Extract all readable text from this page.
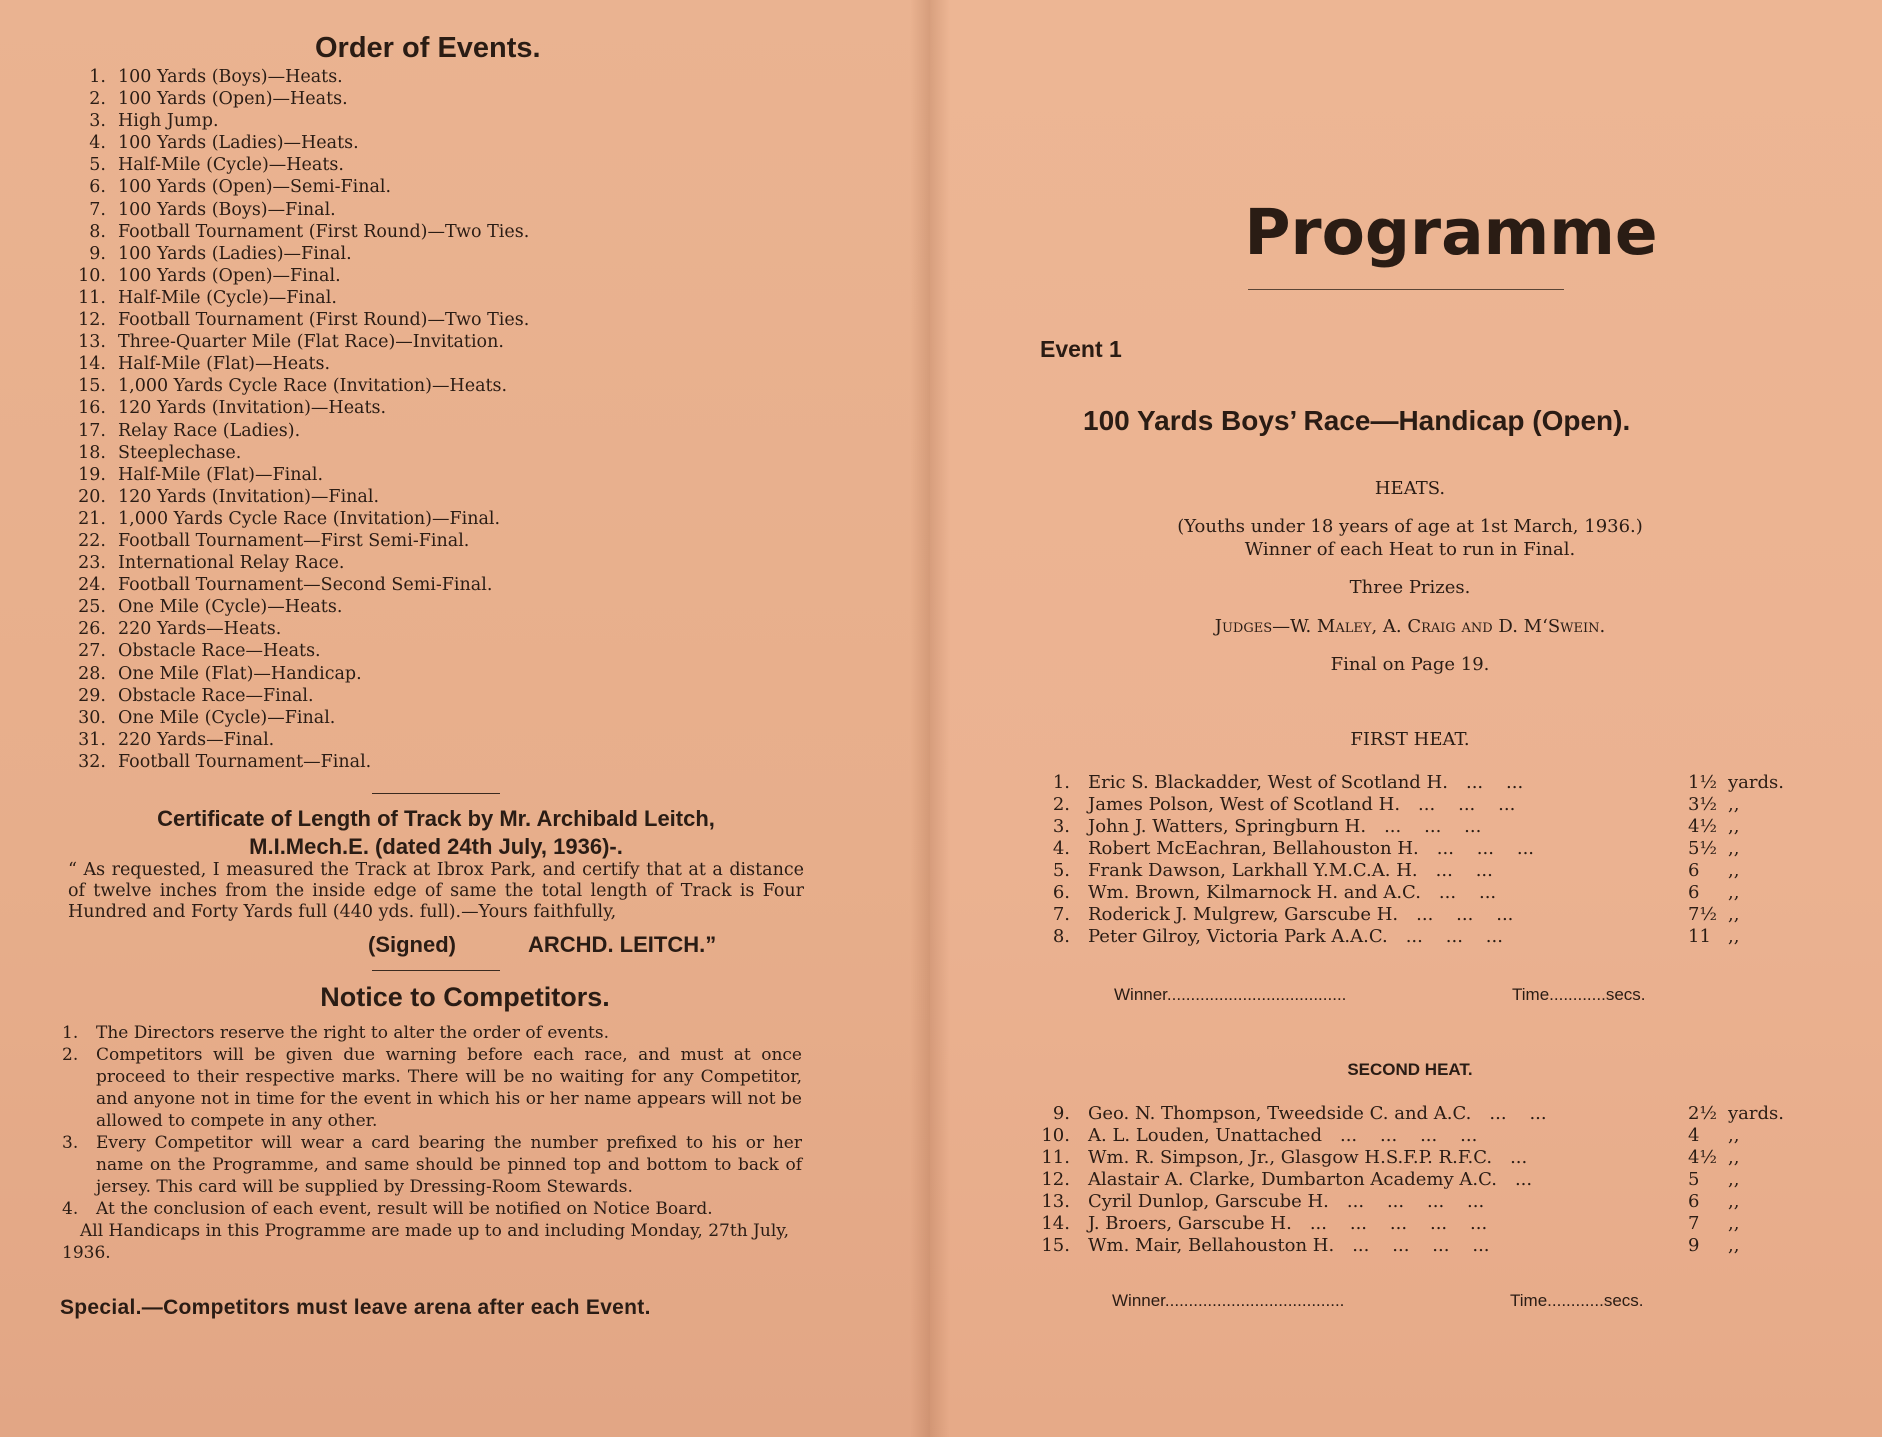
Order of Events.
1. 100 Yards (Boys)—Heats.
2. 100 Yards (Open)—Heats.
3. High Jump.
4. 100 Yards (Ladies)—Heats.
5. Half-Mile (Cycle)—Heats.
6. 100 Yards (Open)—Semi-Final.
7. 100 Yards (Boys)—Final.
8. Football Tournament (First Round)—Two Ties.
9. 100 Yards (Ladies)—Final.
10. 100 Yards (Open)—Final.
11. Half-Mile (Cycle)—Final.
12. Football Tournament (First Round)—Two Ties.
13. Three-Quarter Mile (Flat Race)—Invitation.
14. Half-Mile (Flat)—Heats.
15. 1,000 Yards Cycle Race (Invitation)—Heats.
16. 120 Yards (Invitation)—Heats.
17. Relay Race (Ladies).
18. Steeplechase.
19. Half-Mile (Flat)—Final.
20. 120 Yards (Invitation)—Final.
21. 1,000 Yards Cycle Race (Invitation)—Final.
22. Football Tournament—First Semi-Final.
23. International Relay Race.
24. Football Tournament—Second Semi-Final.
25. One Mile (Cycle)—Heats.
26. 220 Yards—Heats.
27. Obstacle Race—Heats.
28. One Mile (Flat)—Handicap.
29. Obstacle Race—Final.
30. One Mile (Cycle)—Final.
31. 220 Yards—Final.
32. Football Tournament—Final.
Certificate of Length of Track by Mr. Archibald Leitch,
M.I.Mech.E. (dated 24th July, 1936)-.
“ As requested, I measured the Track at Ibrox Park, and certify that at a distance of twelve inches from the inside edge of same the total length of Track is Four Hundred and Forty Yards full (440 yds. full).—Yours faithfully,
(Signed)	ARCHD. LEITCH.”
Notice to Competitors.
1.	The Directors reserve the right to alter the order of events.
2.	Competitors will be given due warning before each race, and must at once proceed to their respective marks. There will be no waiting for any Competitor, and anyone not in time for the event in which his or her name appears will not be allowed to compete in any other.
3.	Every Competitor will wear a card bearing the number prefixed to his or her name on the Programme, and same should be pinned top and bottom to back of jersey. This card will be supplied by Dressing-Room Stewards.
4.	At the conclusion of each event, result will be notified on Notice Board.
All Handicaps in this Programme are made up to and including Monday, 27th July, 1936.
Special.—Competitors must leave arena after each Event.
Programme
Event 1
100 Yards Boys’ Race—Handicap (Open).
HEATS.
(Youths under 18 years of age at 1st March, 1936.)
Winner of each Heat to run in Final.
Three Prizes.
Judges—W. Maley, A. Craig and D. M‘Swein.
Final on Page 19.
FIRST HEAT.
1.	Eric S. Blackadder, West of Scotland H. ...    ...	1½ yards.
2.	James Polson, West of Scotland H. ...    ...    ...	3½ ,,
3.	John J. Watters, Springburn H. ...    ...    ...	4½ ,,
4.	Robert McEachran, Bellahouston H. ...    ...    ...	5½ ,,
5.	Frank Dawson, Larkhall Y.M.C.A. H. ...    ...	6	,,
6.	Wm. Brown, Kilmarnock H. and A.C. ...    ...	6	,,
7.	Roderick J. Mulgrew, Garscube H. ...    ...    ...	7½ ,,
8.	Peter Gilroy, Victoria Park A.A.C. ...    ...    ...	11 ,,
Winner......................................	Time............secs.
SECOND HEAT.
9.	Geo. N. Thompson, Tweedside C. and A.C. ...    ...	2½ yards.
10.	A. L. Louden, Unattached ...    ...    ...    ...	4	,,
11.	Wm. R. Simpson, Jr., Glasgow H.S.F.P. R.F.C. ...	4½ ,,
12.	Alastair A. Clarke, Dumbarton Academy A.C. ...	5	,,
13.	Cyril Dunlop, Garscube H. ...    ...    ...    ...	6	,,
14.	J. Broers, Garscube H. ...    ...    ...    ...    ...	7	,,
15.	Wm. Mair, Bellahouston H. ...    ...    ...    ...	9	,,
Winner......................................	Time............secs.
